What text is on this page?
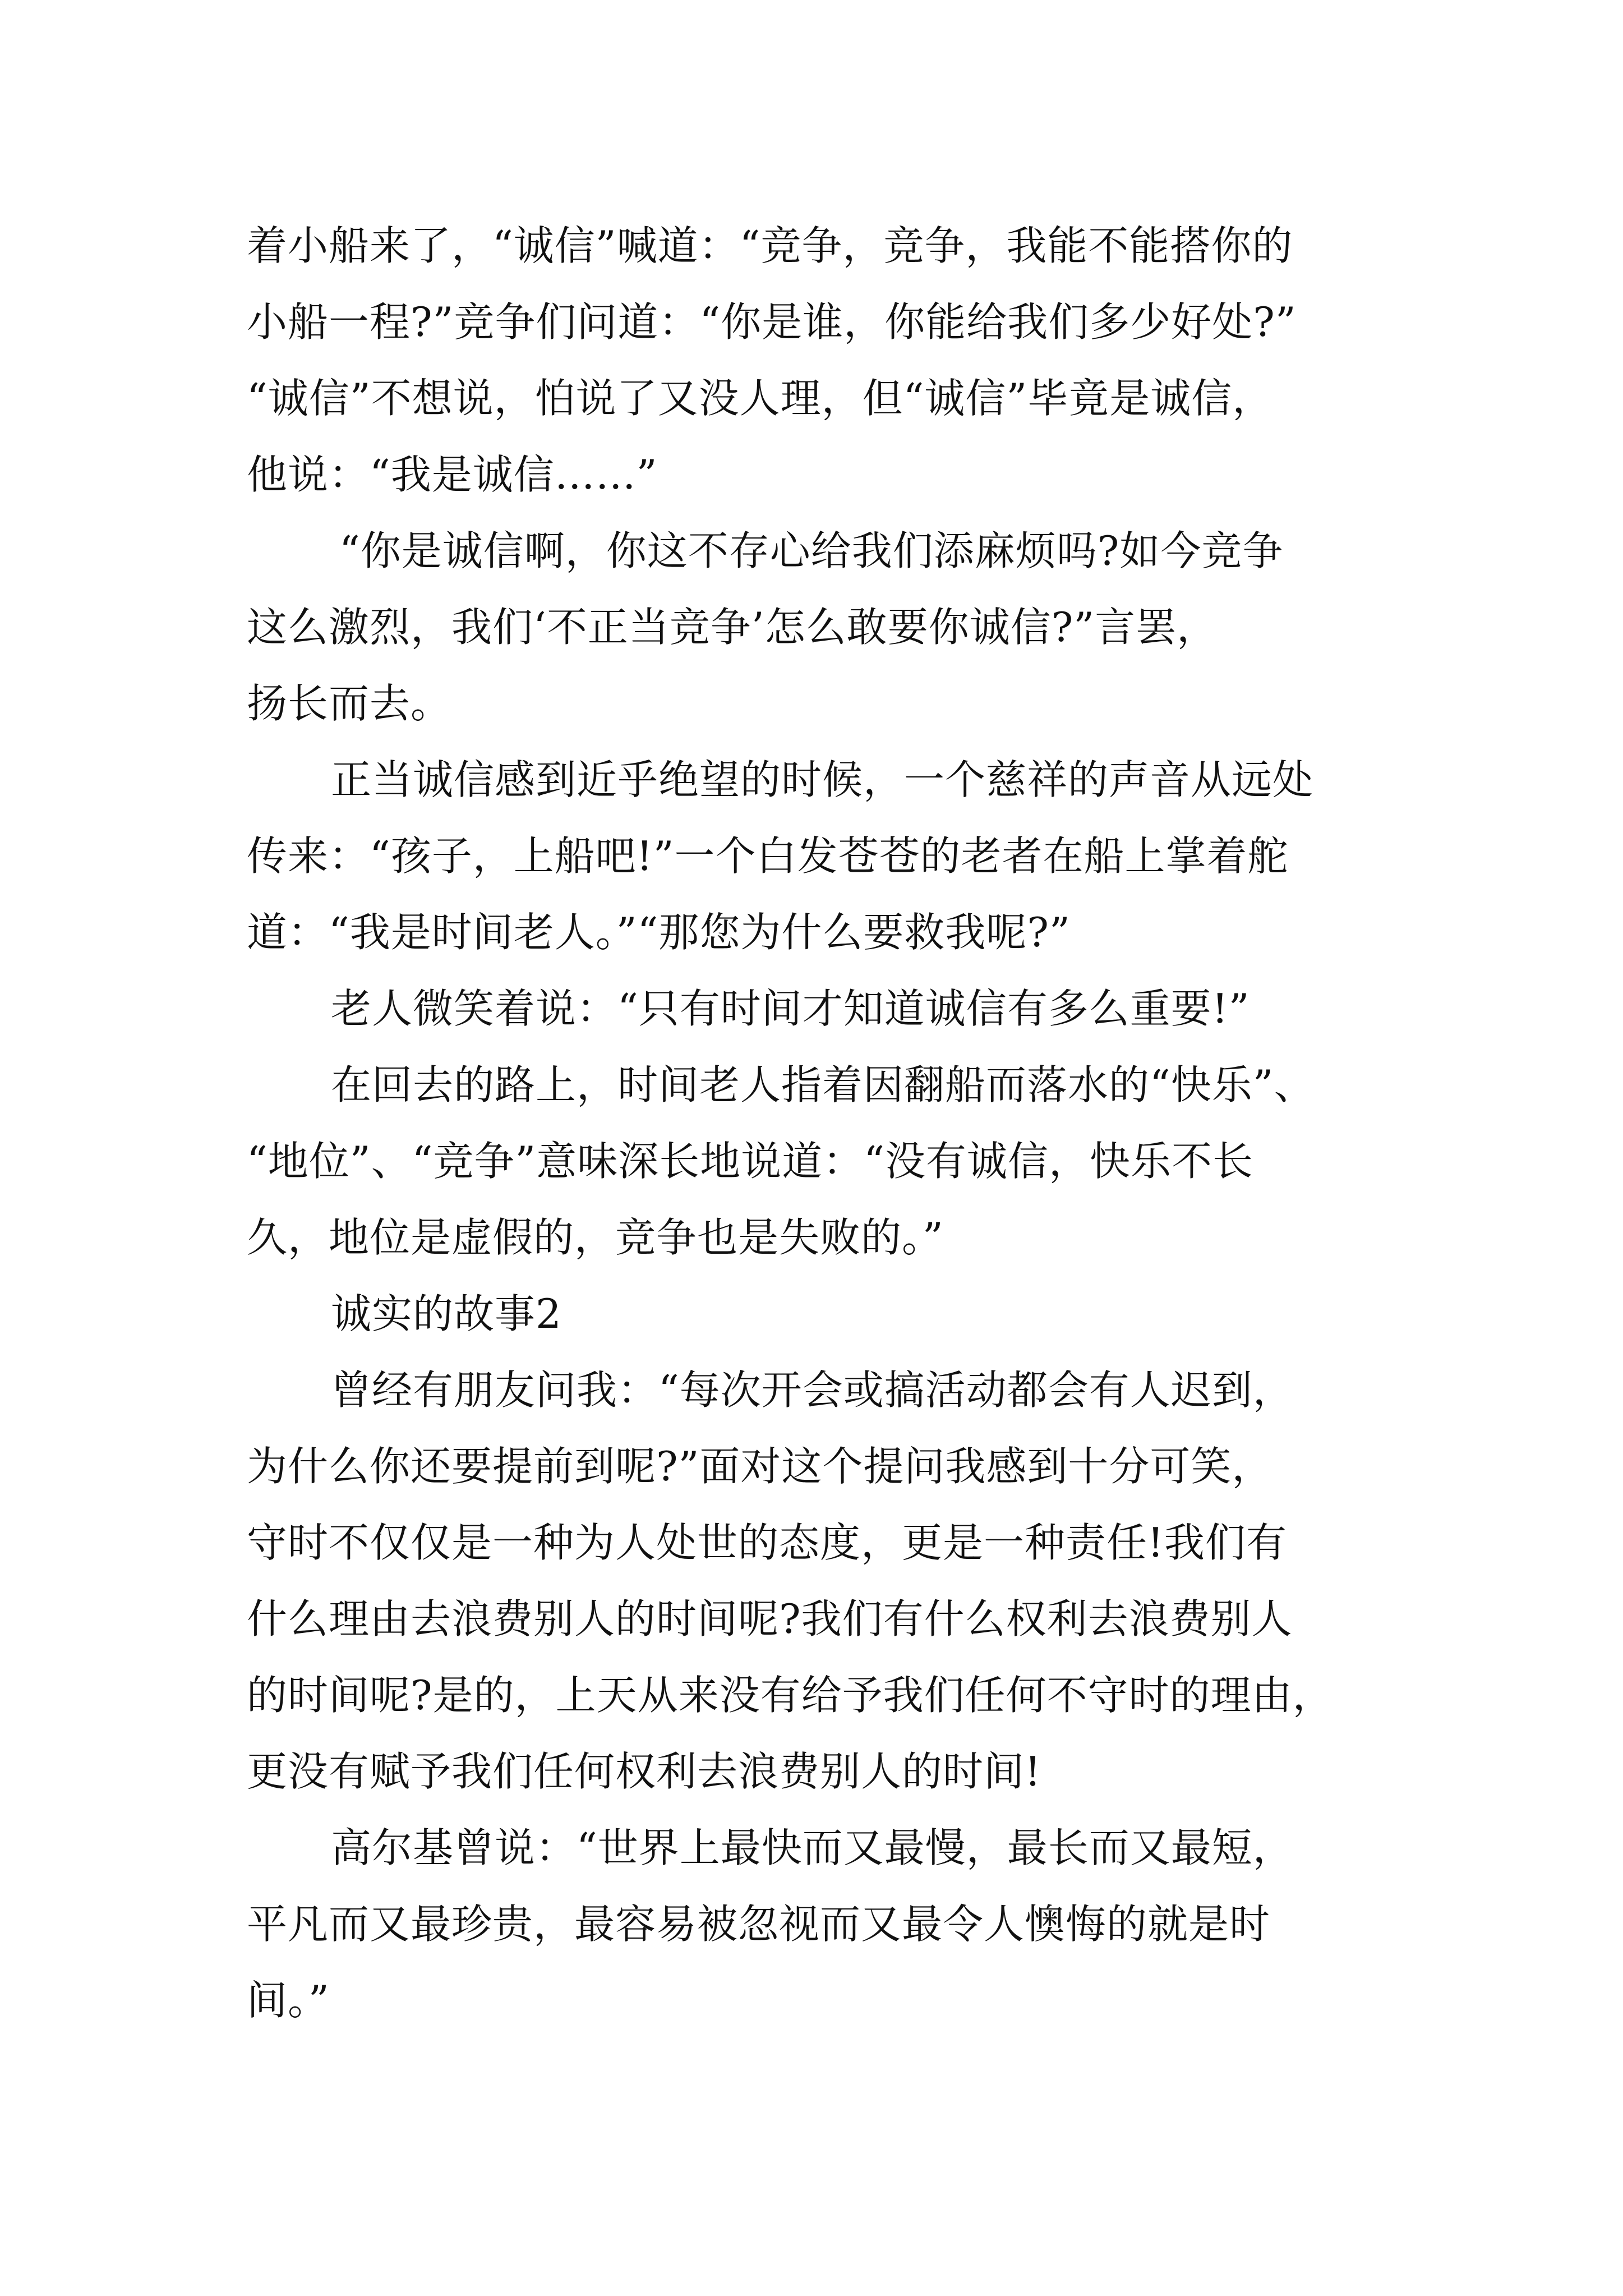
着小船来了，“诚信”喊道：“竞争，竞争，我能不能搭你的
小船一程?”竞争们问道：“你是谁，你能给我们多少好处?”
“诚信”不想说，怕说了又没人理，但“诚信”毕竟是诚信，
他说：“我是诚信……”
“你是诚信啊，你这不存心给我们添麻烦吗?如今竞争
这么激烈，我们‘不正当竞争’怎么敢要你诚信?”言罢，
扬长而去。
正当诚信感到近乎绝望的时候，一个慈祥的声音从远处
传来：“孩子，上船吧!”一个白发苍苍的老者在船上掌着舵
道：“我是时间老人。”“那您为什么要救我呢?”
老人微笑着说：“只有时间才知道诚信有多么重要!”
在回去的路上，时间老人指着因翻船而落水的“快乐”、
“地位”、“竞争”意味深长地说道：“没有诚信，快乐不长
久，地位是虚假的，竞争也是失败的。”
诚实的故事2
曾经有朋友问我：“每次开会或搞活动都会有人迟到，
为什么你还要提前到呢?”面对这个提问我感到十分可笑，
守时不仅仅是一种为人处世的态度，更是一种责任!我们有
什么理由去浪费别人的时间呢?我们有什么权利去浪费别人
的时间呢?是的，上天从来没有给予我们任何不守时的理由，
更没有赋予我们任何权利去浪费别人的时间!
高尔基曾说：“世界上最快而又最慢，最长而又最短，
平凡而又最珍贵，最容易被忽视而又最令人懊悔的就是时
间。”
